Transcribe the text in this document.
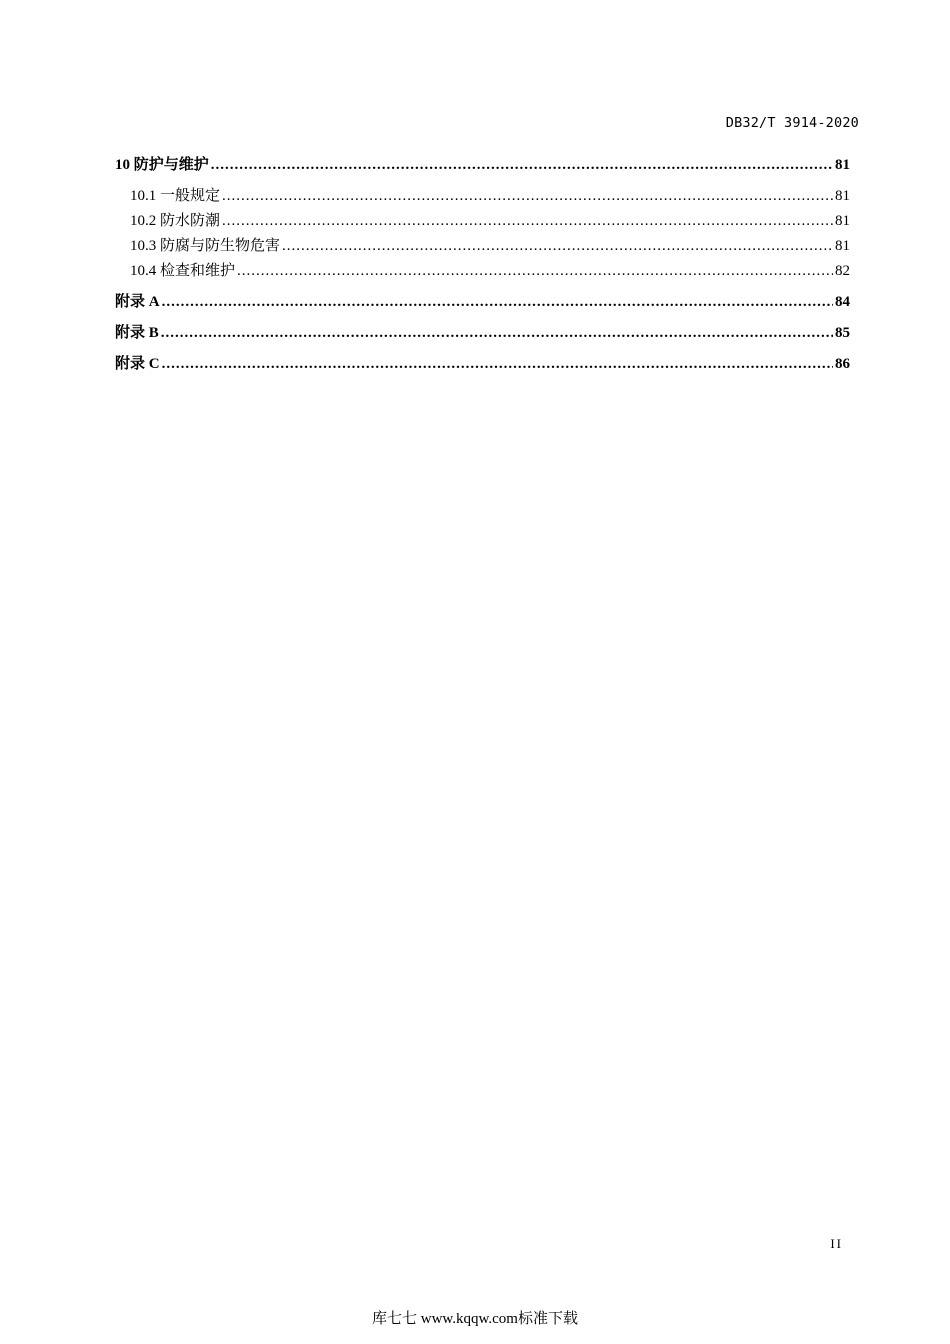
DB32/T 3914-2020
10 防护与维护 .....	81
10.1 一般规定 .....	81
10.2 防水防潮 .....	81
10.3 防腐与防生物危害 .....	81
10.4 检查和维护 .....	82
附录 A .....	84
附录 B .....	85
附录 C .....	86
II
库七七 www.kqqw.com标准下载
